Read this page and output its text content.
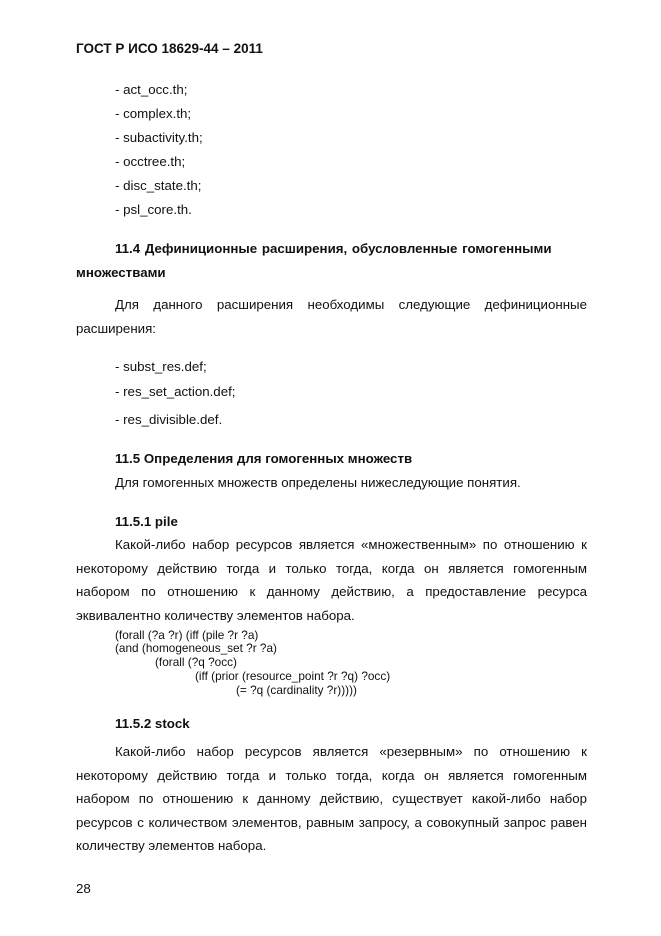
ГОСТ Р ИСО 18629-44 – 2011
- act_occ.th;
- complex.th;
- subactivity.th;
- occtree.th;
- disc_state.th;
- psl_core.th.
11.4 Дефиниционные расширения, обусловленные гомогенными
множествами
Для данного расширения необходимы следующие дефиниционные расширения:
- subst_res.def;
- res_set_action.def;
- res_divisible.def.
11.5 Определения для гомогенных множеств
Для гомогенных множеств определены нижеследующие понятия.
11.5.1 pile
Какой-либо набор ресурсов является «множественным» по отношению к некоторому действию тогда и только тогда, когда он является гомогенным набором по отношению к данному действию, а предоставление ресурса эквивалентно количеству элементов набора.
(forall (?a ?r) (iff (pile ?r ?a)
(and (homogeneous_set ?r ?a)
(forall (?q ?occ)
(iff (prior (resource_point ?r ?q) ?occ)
(= ?q (cardinality ?r)))))
11.5.2 stock
Какой-либо набор ресурсов является «резервным» по отношению к некоторому действию тогда и только тогда, когда он является гомогенным набором по отношению к данному действию, существует какой-либо набор ресурсов с количеством элементов, равным запросу, а совокупный запрос равен количеству элементов набора.
28
